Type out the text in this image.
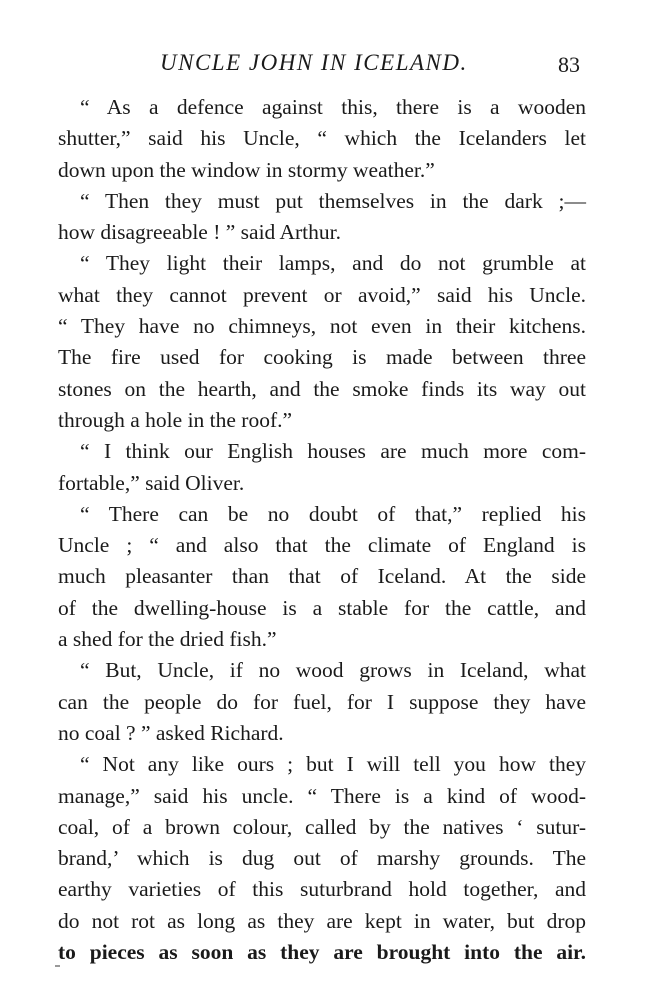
UNCLE JOHN IN ICELAND.	83
“ As a defence against this, there is a wooden
shutter,” said his Uncle, “ which the Icelanders let
down upon the window in stormy weather.”
“ Then they must put themselves in the dark ;—
how disagreeable ! ” said Arthur.
“ They light their lamps, and do not grumble at
what they cannot prevent or avoid,” said his Uncle.
“ They have no chimneys, not even in their kitchens.
The fire used for cooking is made between three
stones on the hearth, and the smoke finds its way out
through a hole in the roof.”
“ I think our English houses are much more com-
fortable,” said Oliver.
“ There can be no doubt of that,” replied his
Uncle ; “ and also that the climate of England is
much pleasanter than that of Iceland. At the side
of the dwelling-house is a stable for the cattle, and
a shed for the dried fish.”
“ But, Uncle, if no wood grows in Iceland, what
can the people do for fuel, for I suppose they have
no coal ? ” asked Richard.
“ Not any like ours ; but I will tell you how they
manage,” said his uncle. “ There is a kind of wood-
coal, of a brown colour, called by the natives ‘ sutur-
brand,’ which is dug out of marshy grounds. The
earthy varieties of this suturbrand hold together, and
do not rot as long as they are kept in water, but drop
to pieces as soon as they are brought into the air.
